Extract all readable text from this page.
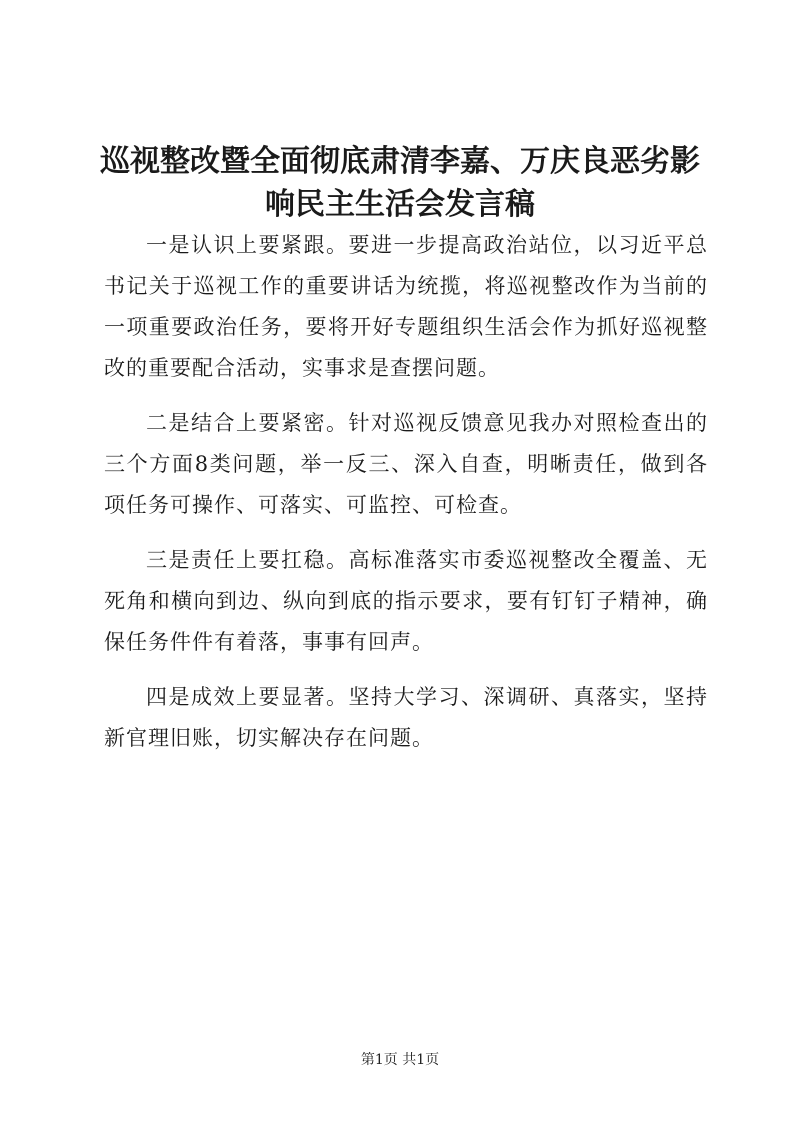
巡视整改暨全面彻底肃清李嘉、万庆良恶劣影响民主生活会发言稿

一是认识上要紧跟。要进一步提高政治站位，以习近平总书记关于巡视工作的重要讲话为统揽，将巡视整改作为当前的一项重要政治任务，要将开好专题组织生活会作为抓好巡视整改的重要配合活动，实事求是查摆问题。

二是结合上要紧密。针对巡视反馈意见我办对照检查出的三个方面8类问题，举一反三、深入自查，明晰责任，做到各项任务可操作、可落实、可监控、可检查。

三是责任上要扛稳。高标准落实市委巡视整改全覆盖、无死角和横向到边、纵向到底的指示要求，要有钉钉子精神，确保任务件件有着落，事事有回声。

四是成效上要显著。坚持大学习、深调研、真落实，坚持新官理旧账，切实解决存在问题。

第1页 共1页
